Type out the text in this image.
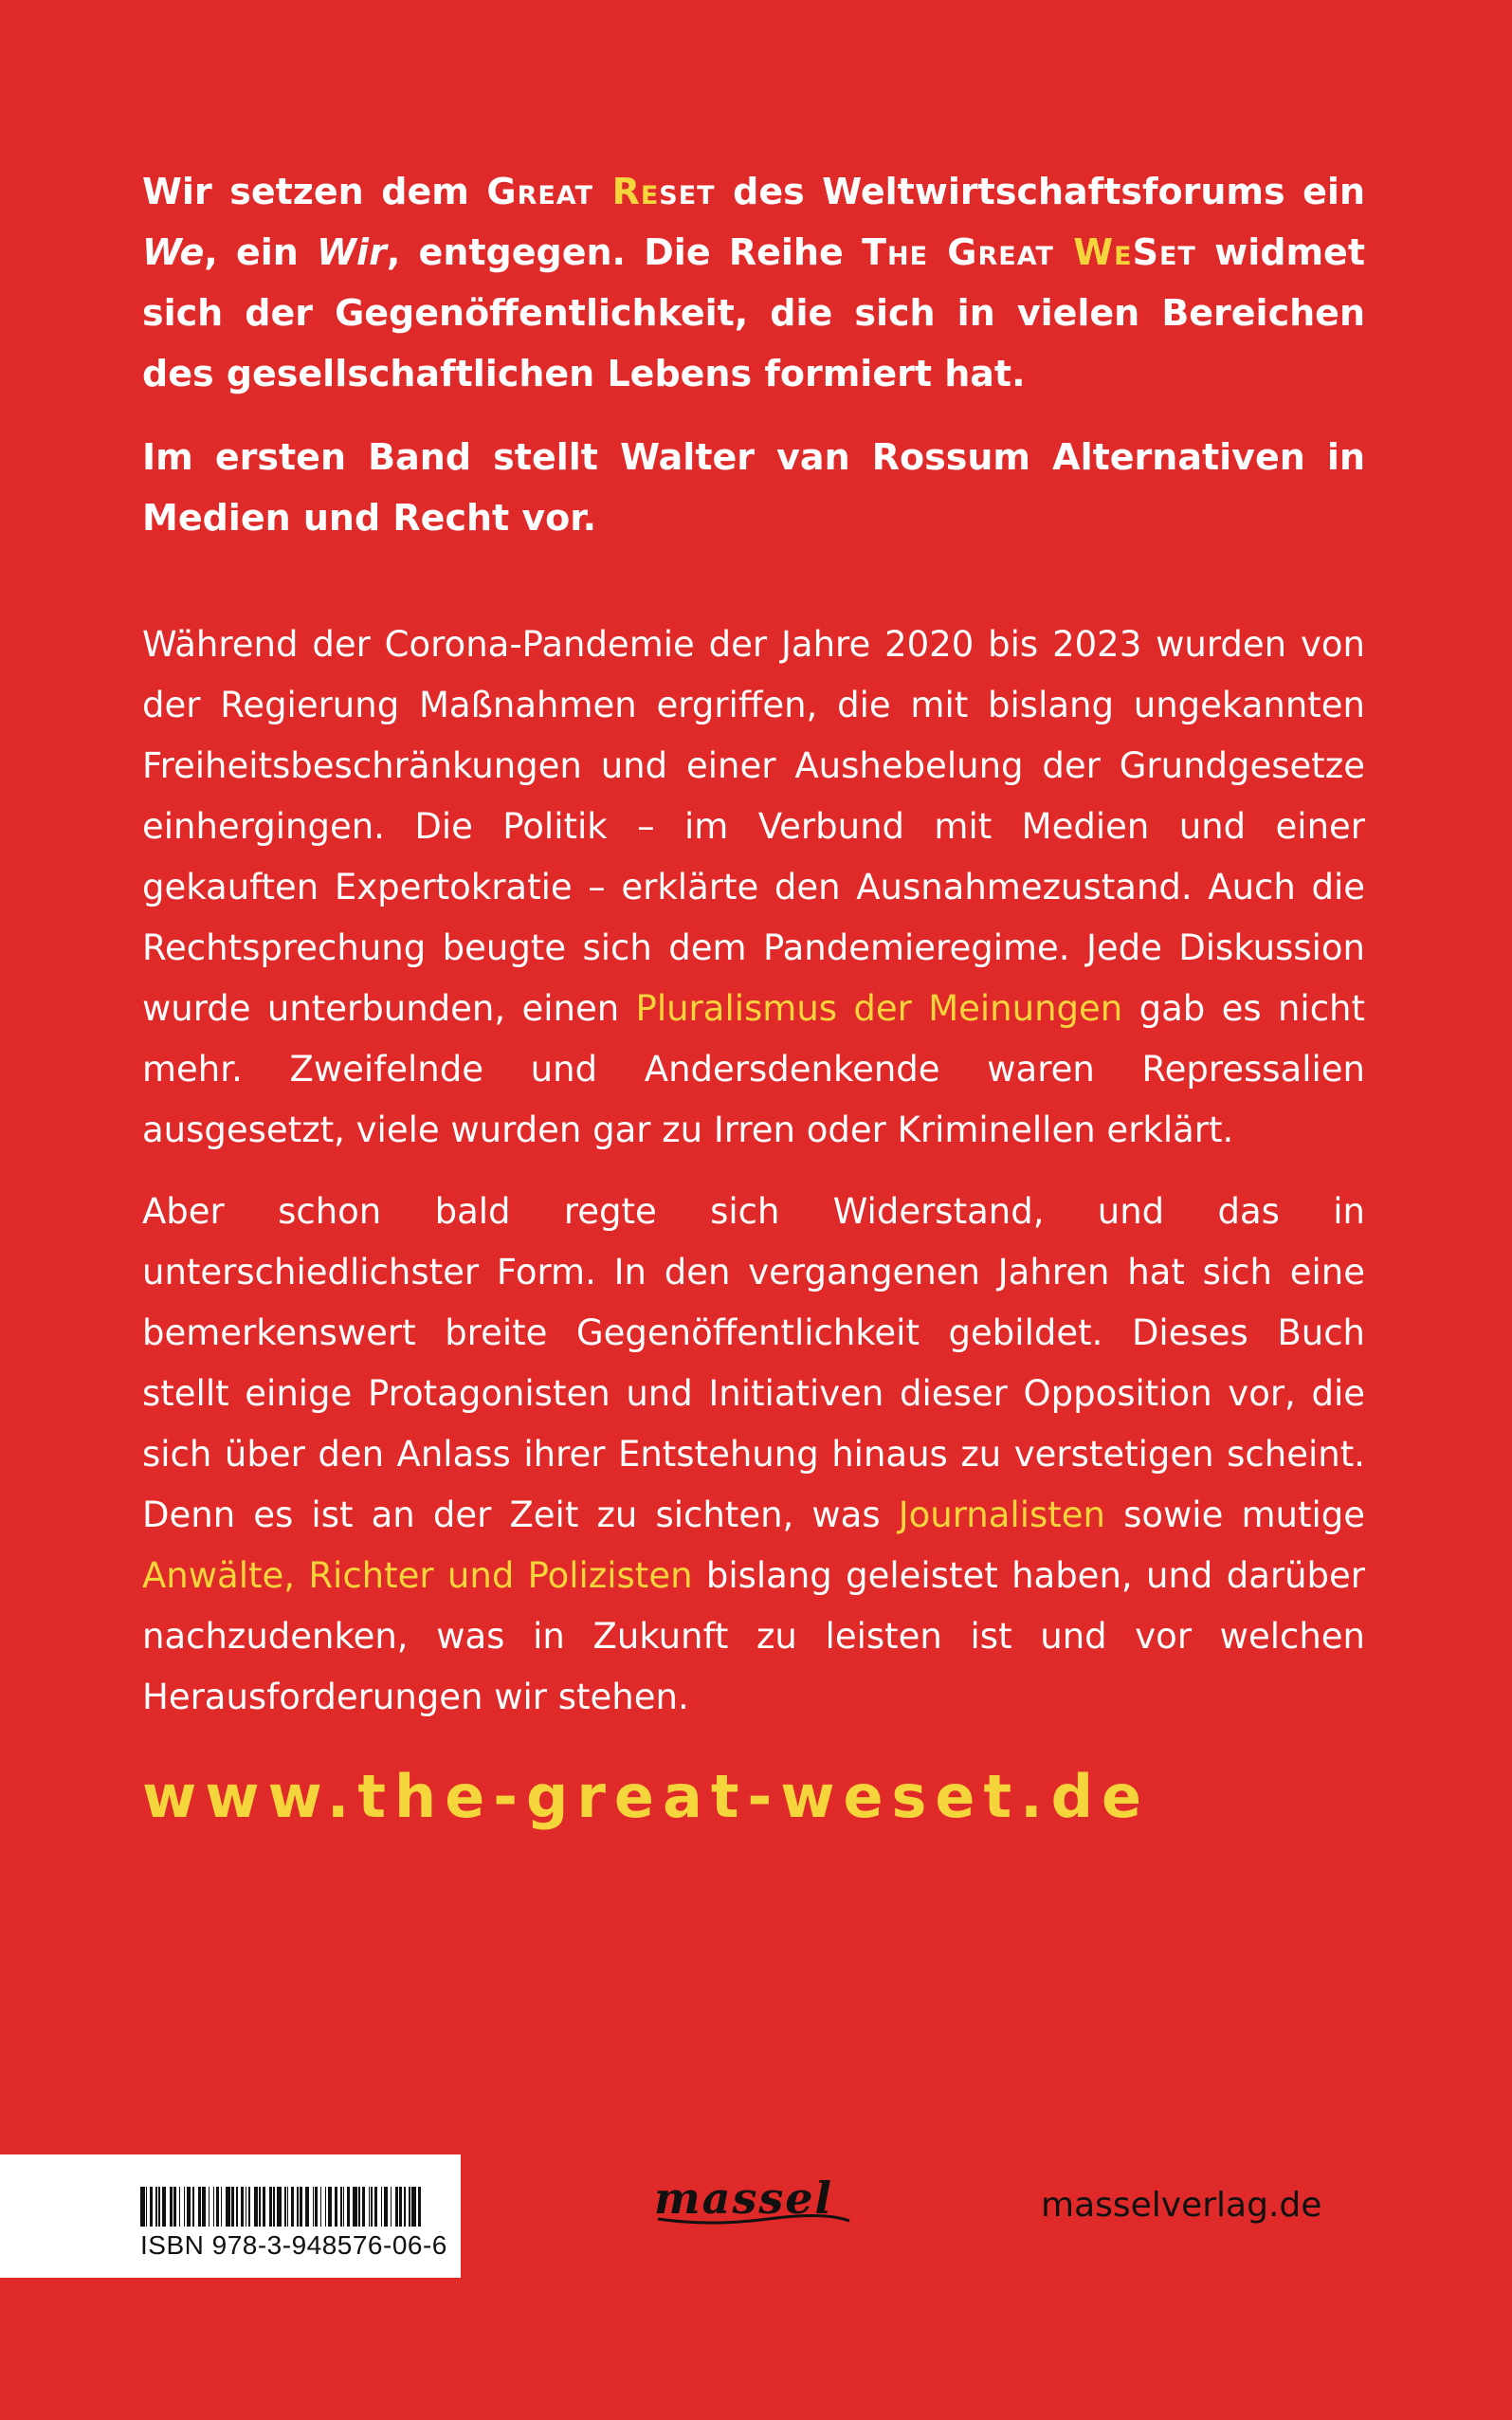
Wir setzen dem Great Reset des Weltwirtschaftsforums ein We, ein Wir, entgegen. Die Reihe The Great WeSet widmet sich der Gegenöffentlichkeit, die sich in vielen Bereichen des gesellschaftlichen Lebens formiert hat.

Im ersten Band stellt Walter van Rossum Alternativen in Medien und Recht vor.

Während der Corona-Pandemie der Jahre 2020 bis 2023 wurden von der Regierung Maßnahmen ergriffen, die mit bislang ungekannten Freiheitsbeschränkungen und einer Aushebelung der Grundgesetze einhergingen. Die Politik – im Verbund mit Medien und einer gekauften Expertokratie – erklärte den Ausnahmezustand. Auch die Rechtsprechung beugte sich dem Pandemieregime. Jede Diskussion wurde unterbunden, einen Pluralismus der Meinungen gab es nicht mehr. Zweifelnde und Andersdenkende waren Repressalien ausgesetzt, viele wurden gar zu Irren oder Kriminellen erklärt.

Aber schon bald regte sich Widerstand, und das in unterschiedlichster Form. In den vergangenen Jahren hat sich eine bemerkenswert breite Gegenöffentlichkeit gebildet. Dieses Buch stellt einige Protagonisten und Initiativen dieser Opposition vor, die sich über den Anlass ihrer Entstehung hinaus zu verstetigen scheint. Denn es ist an der Zeit zu sichten, was Journalisten sowie mutige Anwälte, Richter und Polizisten bislang geleistet haben, und darüber nachzudenken, was in Zukunft zu leisten ist und vor welchen Herausforderungen wir stehen.

www.the-great-weset.de
ISBN 978-3-948576-06-6
massel	masselverlag.de
